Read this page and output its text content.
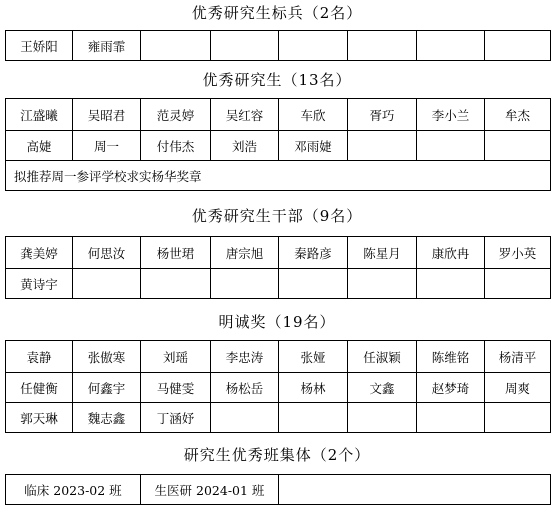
优秀研究生标兵（2名）
王娇阳	雍雨霏						
优秀研究生（13名）
江盛曦	吴昭君	范灵婷	吴红容	车欣	胥巧	李小兰	牟杰
高婕	周一	付伟杰	刘浩	邓雨婕			
拟推荐周一参评学校求实杨华奖章							
优秀研究生干部（9名）
龚美婷	何思汝	杨世珺	唐宗旭	秦路彦	陈星月	康欣冉	罗小英
黄诗宇							
明诚奖（19名）
袁静	张傲寒	刘瑶	李忠涛	张娅	任淑颖	陈维铭	杨清平
任健衡	何鑫宇	马健雯	杨松岳	杨林	文鑫	赵梦琦	周爽
郭天琳	魏志鑫	丁涵妤					
研究生优秀班集体（2个）
临床 2023-02 班	生医研 2024-01 班	
